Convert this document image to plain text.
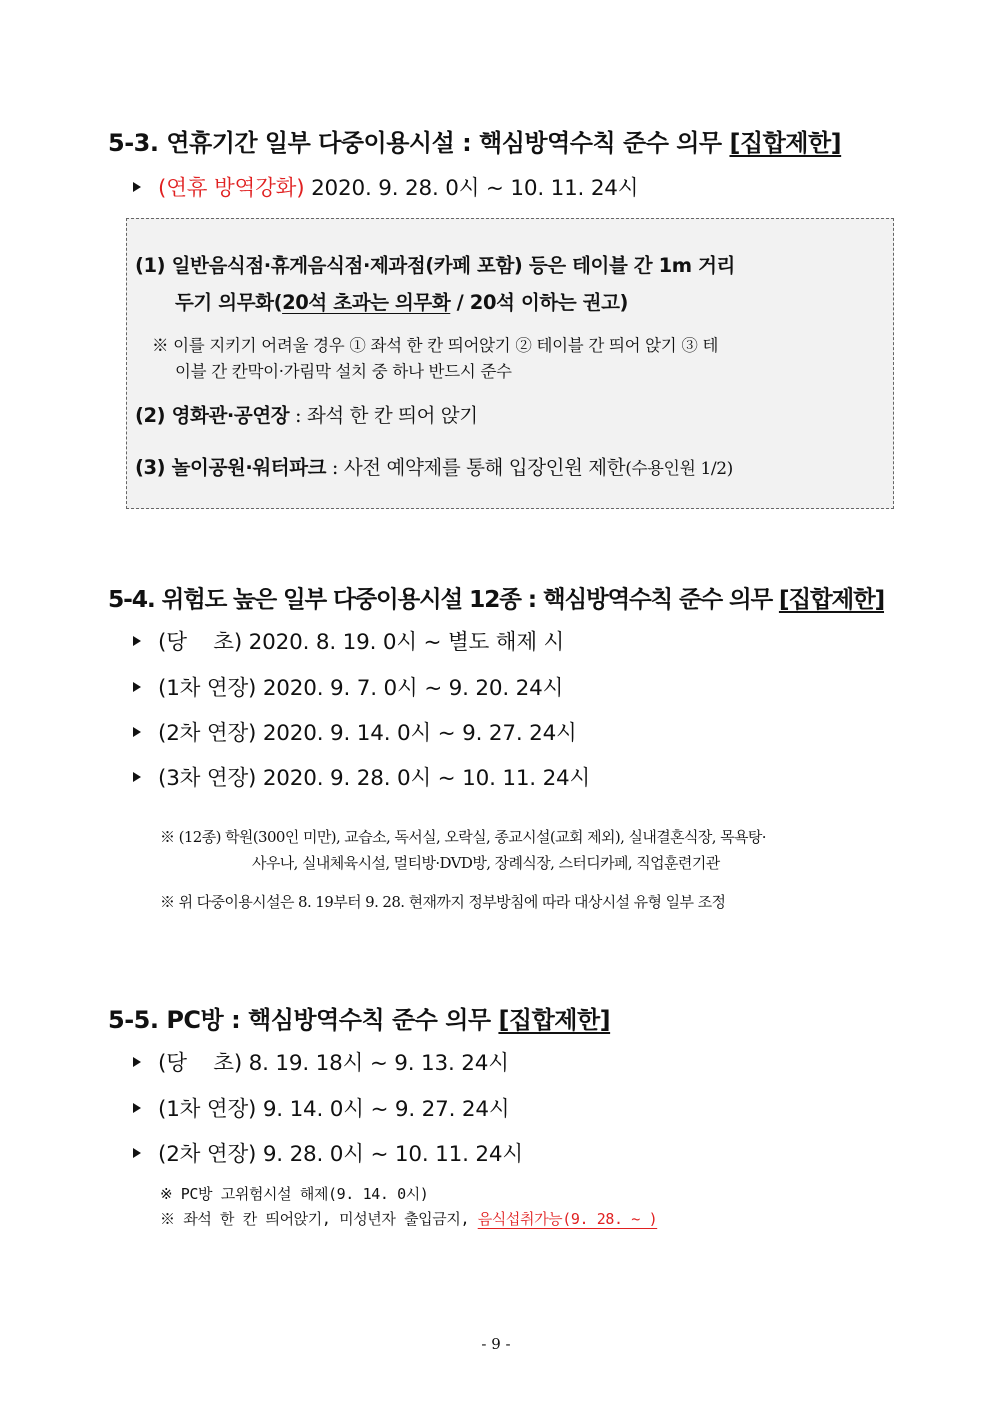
5-3. 연휴기간 일부 다중이용시설 : 핵심방역수칙 준수 의무 [집합제한]
(연휴 방역강화) 2020. 9. 28. 0시 ~ 10. 11. 24시
(1) 일반음식점·휴게음식점·제과점(카페 포함) 등은 테이블 간 1m 거리
두기 의무화(20석 초과는 의무화 / 20석 이하는 권고)
※ 이를 지키기 어려울 경우 ① 좌석 한 칸 띄어앉기 ② 테이블 간 띄어 앉기 ③ 테
이블 간 칸막이·가림막 설치 중 하나 반드시 준수
(2) 영화관·공연장 : 좌석 한 칸 띄어 앉기
(3) 놀이공원·워터파크 : 사전 예약제를 통해 입장인원 제한(수용인원 1/2)
5-4. 위험도 높은 일부 다중이용시설 12종 : 핵심방역수칙 준수 의무 [집합제한]
(당    초) 2020. 8. 19. 0시 ~ 별도 해제 시
(1차 연장) 2020. 9. 7. 0시 ~ 9. 20. 24시
(2차 연장) 2020. 9. 14. 0시 ~ 9. 27. 24시
(3차 연장) 2020. 9. 28. 0시 ~ 10. 11. 24시
※ (12종) 학원(300인 미만), 교습소, 독서실, 오락실, 종교시설(교회 제외), 실내결혼식장, 목욕탕·
사우나, 실내체육시설, 멀티방·DVD방, 장례식장, 스터디카페, 직업훈련기관
※ 위 다중이용시설은 8. 19부터 9. 28. 현재까지 정부방침에 따라 대상시설 유형 일부 조정
5-5. PC방 : 핵심방역수칙 준수 의무 [집합제한]
(당    초) 8. 19. 18시 ~ 9. 13. 24시
(1차 연장) 9. 14. 0시 ~ 9. 27. 24시
(2차 연장) 9. 28. 0시 ~ 10. 11. 24시
※ PC방 고위험시설 해제(9. 14. 0시)
※ 좌석 한 칸 띄어앉기, 미성년자 출입금지, 음식섭취가능(9. 28. ~ )
- 9 -
